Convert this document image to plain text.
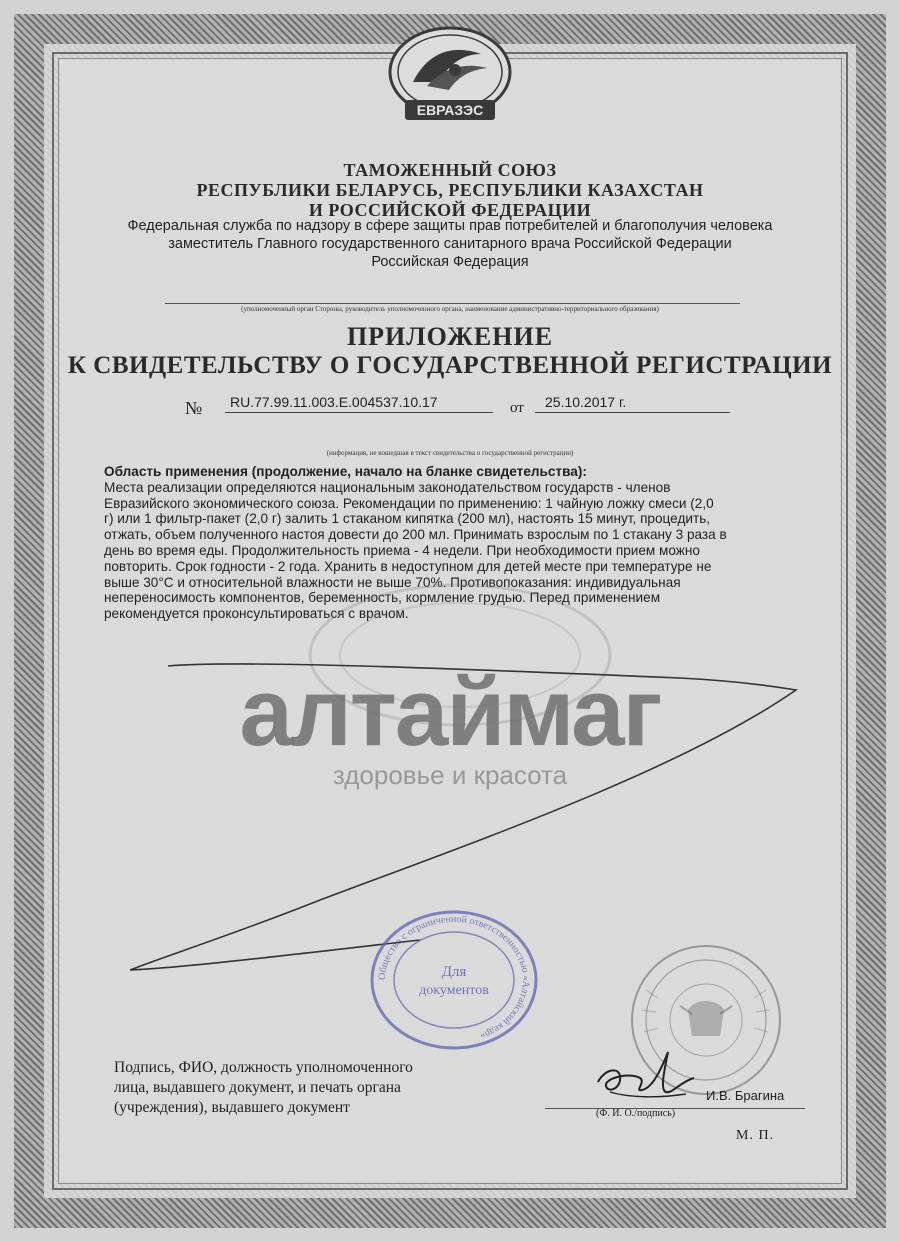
ЕВРАЗЭС
ТАМОЖЕННЫЙ СОЮЗ
РЕСПУБЛИКИ БЕЛАРУСЬ, РЕСПУБЛИКИ КАЗАХСТАН
И РОССИЙСКОЙ ФЕДЕРАЦИИ
Федеральная служба по надзору в сфере защиты прав потребителей и благополучия человека
заместитель Главного государственного санитарного врача Российской Федерации
Российская Федерация
(уполномоченный орган Стороны, руководитель уполномоченного органа, наименование административно-территориального образования)
ПРИЛОЖЕНИЕ
К СВИДЕТЕЛЬСТВУ О ГОСУДАРСТВЕННОЙ РЕГИСТРАЦИИ
№ RU.77.99.11.003.E.004537.10.17	от 25.10.2017 г.
(информация, не вошедшая в текст свидетельства о государственной регистрации)
Область применения (продолжение, начало на бланке свидетельства):
Места реализации определяются национальным законодательством государств - членов
Евразийского экономического союза. Рекомендации по применению: 1 чайную ложку смеси (2,0
г) или 1 фильтр-пакет (2,0 г) залить 1 стаканом кипятка (200 мл), настоять 15 минут, процедить,
отжать, объем полученного настоя довести до 200 мл. Принимать взрослым по 1 стакану 3 раза в
день во время еды. Продолжительность приема - 4 недели. При необходимости прием можно
повторить. Срок годности - 2 года. Хранить в недоступном для детей месте при температуре не
выше 30°C и относительной влажности не выше 70%. Противопоказания: индивидуальная
непереносимость компонентов, беременность, кормление грудью. Перед применением
рекомендуется проконсультироваться с врачом.
алтаймаг
здоровье и красота
Общество с ограниченной ответственностью «Алтайский кедр»
Для
документов
Подпись, ФИО, должность уполномоченного
лица, выдавшего документ, и печать органа
(учреждения), выдавшего документ
И.В. Брагина
(Ф. И. О./подпись)
М. П.
